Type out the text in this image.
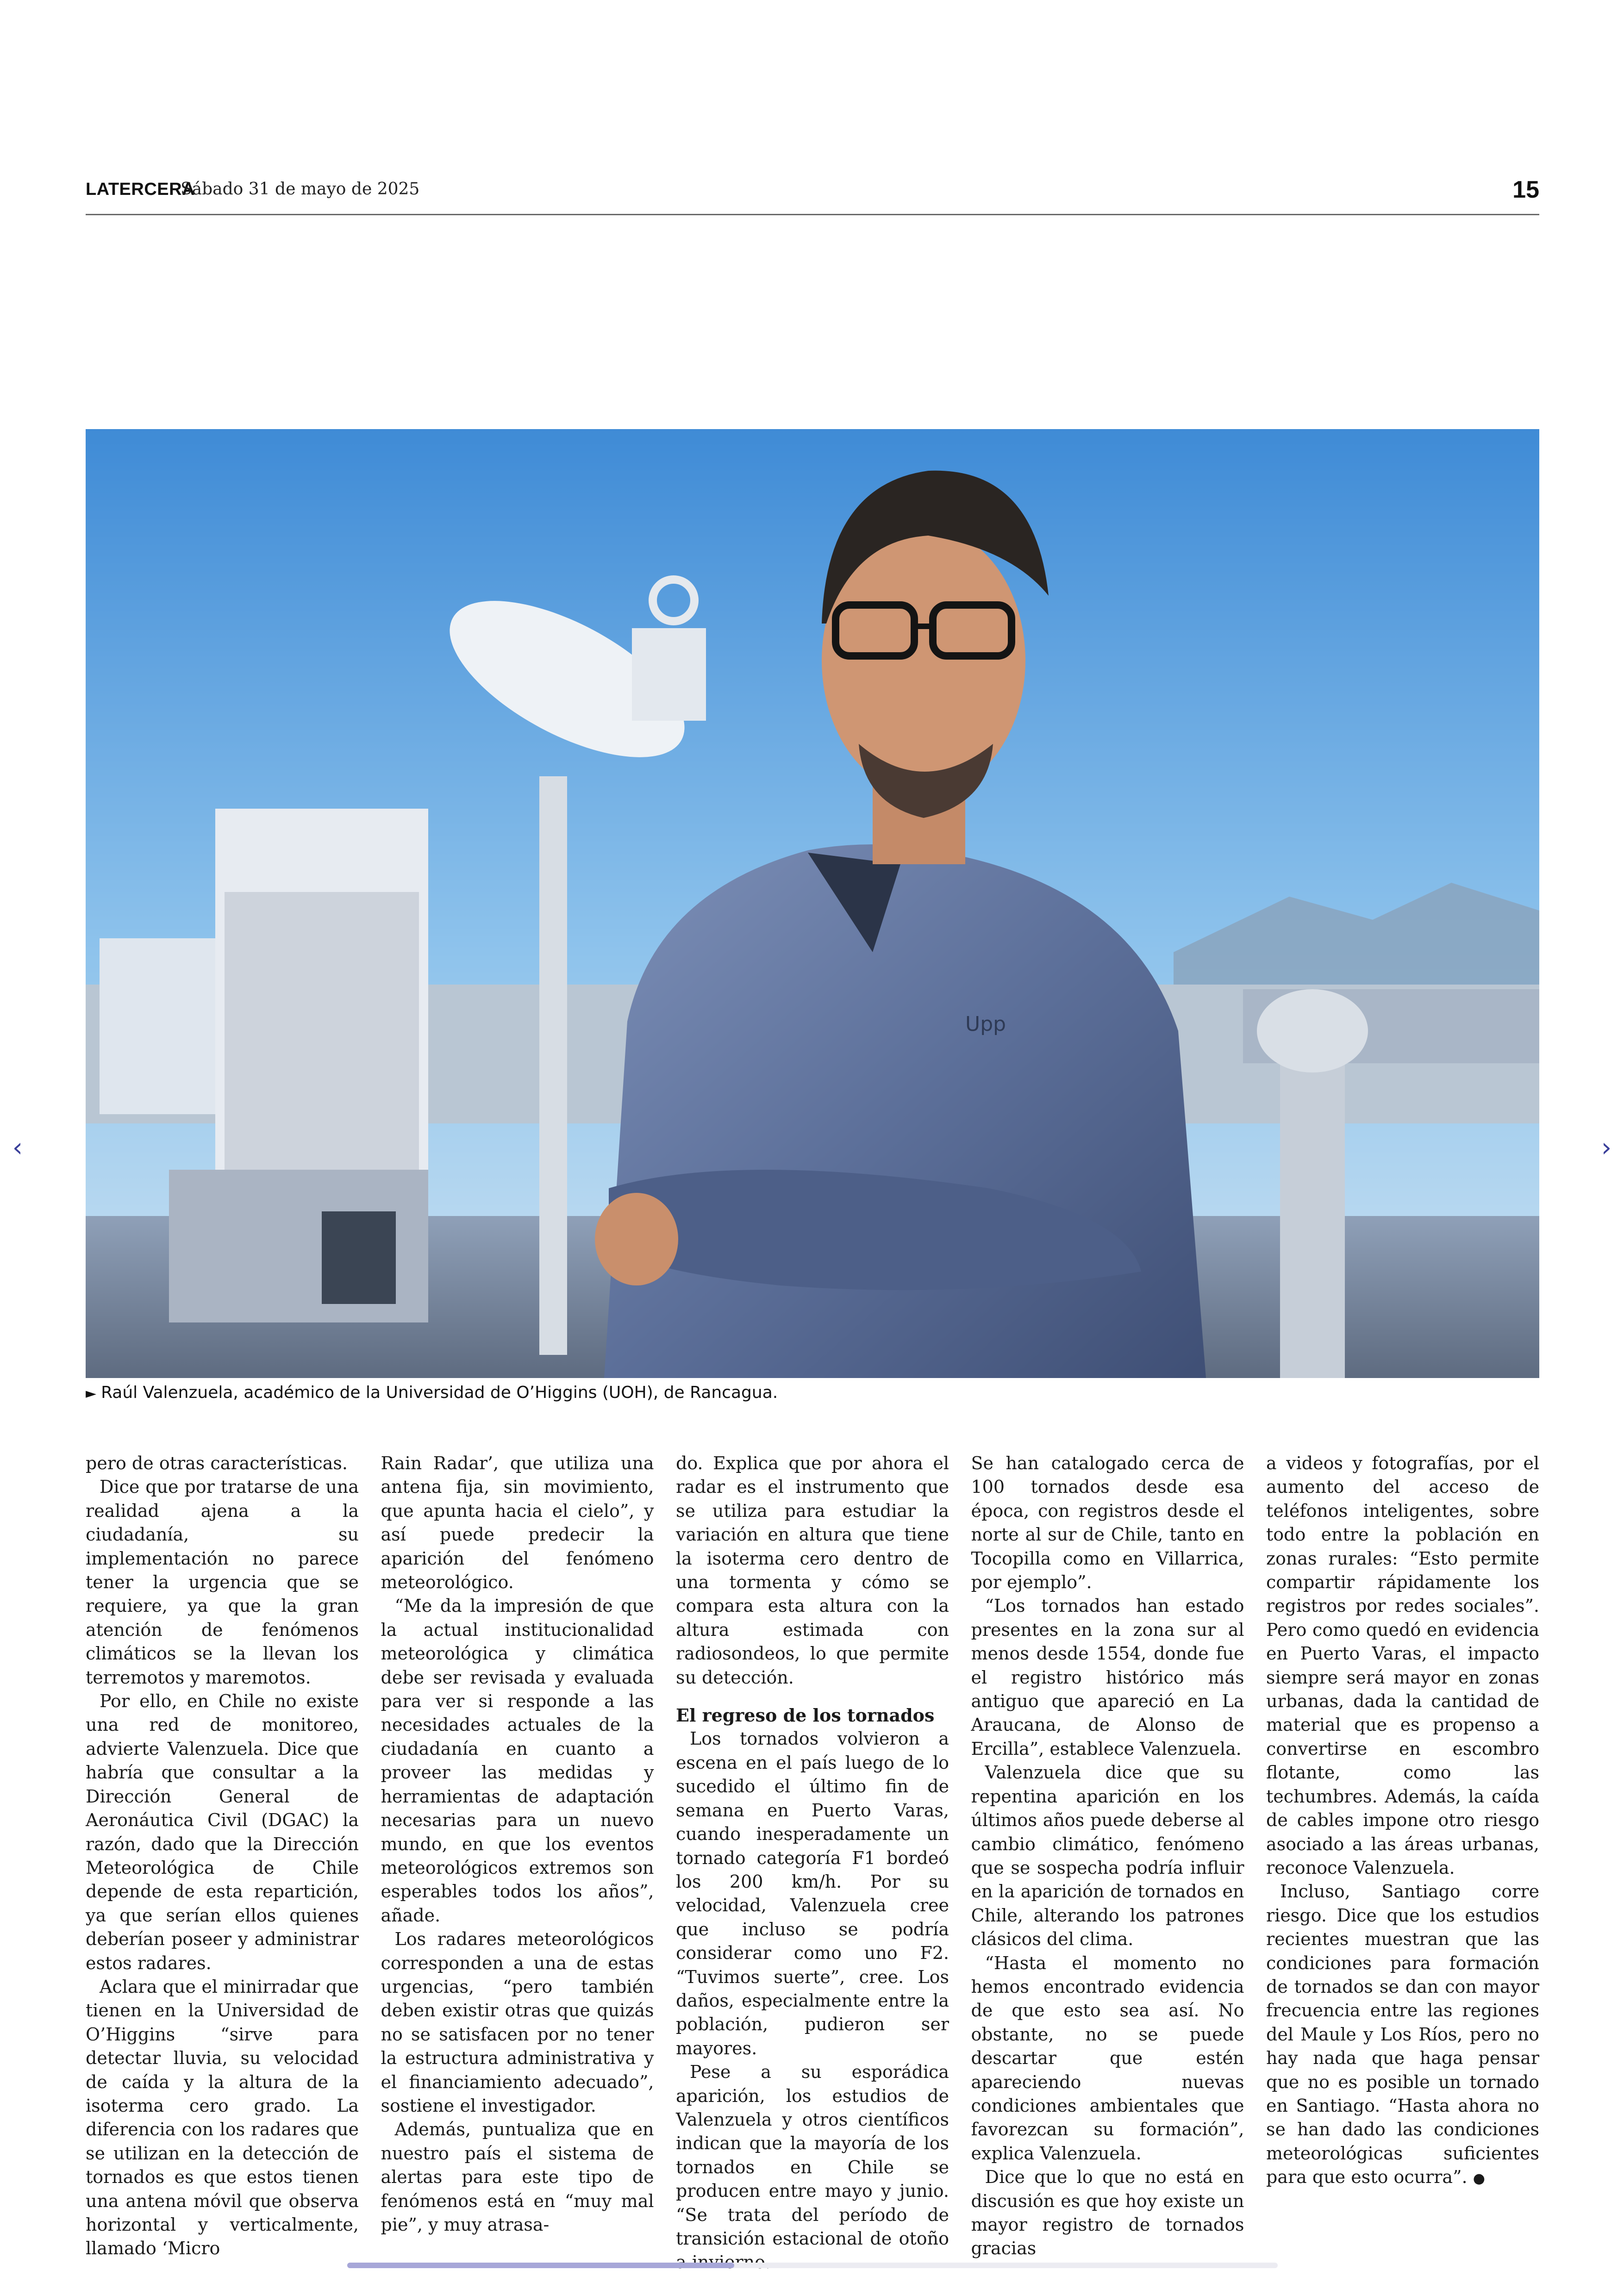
LATERCERA
Sábado 31 de mayo de 2025	15
Upp
► Raúl Valenzuela, académico de la Universidad de O’Higgins (UOH), de Rancagua.

pero de otras características.

Dice que por tratarse de una realidad ajena a la ciudadanía, su implementación no parece tener la urgencia que se requiere, ya que la gran atención de fenómenos climáticos se la llevan los terremotos y maremotos.

Por ello, en Chile no existe una red de monitoreo, advierte Valenzuela. Dice que habría que consultar a la Dirección General de Aeronáutica Civil (DGAC) la razón, dado que la Dirección Meteorológica de Chile depende de esta repartición, ya que serían ellos quienes deberían poseer y administrar estos radares.

Aclara que el minirradar que tienen en la Universidad de O’Higgins “sirve para detectar lluvia, su velocidad de caída y la altura de la isoterma cero grado. La diferencia con los radares que se utilizan en la detección de tornados es que estos tienen una antena móvil que observa horizontal y verticalmente, llamado ‘Micro

Rain Radar’, que utiliza una antena fija, sin movimiento, que apunta hacia el cielo”, y así puede predecir la aparición del fenómeno meteorológico.

“Me da la impresión de que la actual institucionalidad meteorológica y climática debe ser revisada y evaluada para ver si responde a las necesidades actuales de la ciudadanía en cuanto a proveer las medidas y herramientas de adaptación necesarias para un nuevo mundo, en que los eventos meteorológicos extremos son esperables todos los años”, añade.

Los radares meteorológicos corresponden a una de estas urgencias, “pero también deben existir otras que quizás no se satisfacen por no tener la estructura administrativa y el financiamiento adecuado”, sostiene el investigador.

Además, puntualiza que en nuestro país el sistema de alertas para este tipo de fenómenos está en “muy mal pie”, y muy atrasa-

do. Explica que por ahora el radar es el instrumento que se utiliza para estudiar la variación en altura que tiene la isoterma cero dentro de una tormenta y cómo se compara esta altura con la altura estimada con radiosondeos, lo que permite su detección.

El regreso de los tornados

Los tornados volvieron a escena en el país luego de lo sucedido el último fin de semana en Puerto Varas, cuando inesperadamente un tornado categoría F1 bordeó los 200 km/h. Por su velocidad, Valenzuela cree que incluso se podría considerar como uno F2. “Tuvimos suerte”, cree. Los daños, especialmente entre la población, pudieron ser mayores.

Pese a su esporádica aparición, los estudios de Valenzuela y otros científicos indican que la mayoría de los tornados en Chile se producen entre mayo y junio. “Se trata del período de transición estacional de otoño

Se han catalogado cerca de 100 tornados desde esa época, con registros desde el norte al sur de Chile, tanto en Tocopilla como en Villarrica, por ejemplo”.

“Los tornados han estado presentes en la zona sur al menos desde 1554, donde fue el registro histórico más antiguo que apareció en La Araucana, de Alonso de Ercilla”, establece Valenzuela.

Valenzuela dice que su repentina aparición en los últimos años puede deberse al cambio climático, fenómeno que se sospecha podría influir en la aparición de tornados en Chile, alterando los patrones clásicos del clima.

“Hasta el momento no hemos encontrado evidencia de que esto sea así. No obstante, no se puede descartar que estén apareciendo nuevas condiciones ambientales que favorezcan su formación”, explica Valenzuela.

Dice que lo que no está en discusión es que hoy existe un mayor registro de tornados gracias

a videos y fotografías, por el aumento del acceso de teléfonos inteligentes, sobre todo entre la población en zonas rurales: “Esto permite compartir rápidamente los registros por redes sociales”. Pero como quedó en evidencia en Puerto Varas, el impacto siempre será mayor en zonas urbanas, dada la cantidad de material que es propenso a convertirse en escombro flotante, como las techumbres. Además, la caída de cables impone otro riesgo asociado a las áreas urbanas, reconoce Valenzuela.

Incluso, Santiago corre riesgo. Dice que los estudios recientes muestran que las condiciones para formación de tornados se dan con mayor frecuencia entre las regiones del Maule y Los Ríos, pero no hay nada que haga pensar que no es posible un tornado en Santiago. “Hasta ahora no se han dado las condiciones meteorológicas suficientes para que esto ocurra”. ●

‹	›
